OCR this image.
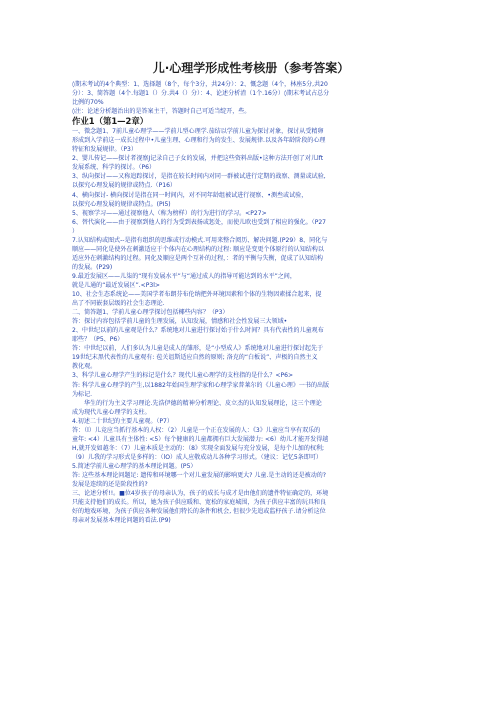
儿·心理学形成性考核册（参考答案）
◊期末考试的4个典型：1、选择题（8个，每个3分，共24分）：2、慨念题（4个，林座5分,共20
分）：3、简答题（4个.每题1（）分.共4（）分）：4、论述分析渣（1个.16分）◊期末考试占总分
比例的70%
◊注：论述分析题治出的是答案主干，答题时自己可适当绽开，些。
作业1（第1—2章）
一、微念题1、7前儿童心理学——学前儿型心理学.茄结以学前儿童为探讨对象，探讨从受精卵
形成到入学前这一成长过程中•儿童生理、心理和行为的发生、发展规律.以及各年龄阶段的心理
特征和发展规律。（P3）
2、婴儿传记——探讨者视察J记录自己子女的发展，并把这些资料出版•这种方法开创了对儿lft
发展系统、科学的探讨。（P6）
3、纵向探讨——又称追踪探讨，是指在较长时间内对同一群被试进行定期的战察、测量或试验,
以探究心理发展的规律或特点.（P16）
4、横向探讨- 横向探讨是指在同一时间内，对不同年龄组被试进行视察、•测叁或试验，
以探究心理发展的规律或特点。(PI5)
5、视察学习——通过视察他人（称为榜样）的行为进行的学习。<P27>
6、替代演化——由于视察到他人的行为受到表扬或惩处，而使儿欧也受到了相应的强化。（P27
）
7.认知结构或图式--是指有组织的思维或行动模式.可用来整合阅历、解决问题.(P29）8、同化与
顺应——同化是使外在刺激适应于个体内在心理结构的过程: 顺应是变更个体原行的认知结构以
适应外在刺激结构的过程。同化及顺应是两个互补的过程，：者的平衡与失衡，促成了认知结构
的发展。(P29)
9.最近发展区——儿柒的“现有发展水平”与“通过成人的指导可能达到的水平”之间，
就是儿通的“最近发展区”.<P3l>
10、社会生态系统论——美国学者布朗芬布伦纳把外环境因素和个体的生物因素揉合起来，提
出了不同嵌套层级的社会生态理论.
二、简答题1、学前儿童心理学探讨包括椰些内容？（P3）
答：探讨内容包括学前儿童的生理发展，认知发展，情感和社会性发展三大领域•
2、中世纪以前的儿童观是什么？系统地对儿童进行探讨始于什么时间？具有代表性的儿童观布
耶些？（P5、P6）
答：中世纪以前，人们多认为儿童是成人的雏形，是“小型成人》系统地对儿童进行探讨起先于
19世纪末黑代表性的儿童观有: 苞关诅斯适应自然的原则; 洛克的“白板说”、声极的自然主义
教化观。
3、科学儿童心理学产生的标记是什么？现代儿童心理学的支柱指的是什么？<P6>
答: 科学儿童心理学的产生,以1882年始国生理学家和心理学家普莱尔的《儿童心理》一书的出版
为标记.
华生的行为主义学习理论.先浩伊德的精神分析理论、皮立杰的认知发展理论，这三个理论
成为现代儿童心理学的支柱。
4.初述二十世纪的主要儿童观。（P7）
答：（l）儿竞应当抓行基本的人权：（2）儿童是一个正在发展的人：《3》儿童应当享有双乐的
童年: <4）儿童具有主体性: <5）每个健康的儿童都拥有巨大发展潜力: <6）幼儿才能开发得越
H,就开发如越冬：（7）儿童本质是主动的：（8》实现全面发展与充分发展，是每个儿加的权利;
（9）儿我的学习形式是多样的：（lO）成人应敬成动儿各种学习形式。（建议：记忆5条即可）
5.简述学前儿童心理学的基本理论问题。(P5）
答: 这些基本理论问题足: 遗传和环境哪一个对儿童发展的影响更大? 儿童.是主动的还是被动的?
发展是连续的还是阶段性的?
三、论述分析!!。■位4岁孩子的母亲认为，孩子的成长与成才是由他们的遗件特征确定的，环境
只能支持他们的成长。所以，她为孩子供应暖和、宽松的家庭城围，为孩子供应丰富的玩具和良
好的地戏环境，为孩子供应各种发展他们特长的条件和机会, 但很少先追或监杼孩子.请分析这位
母亲对发展基本理论问题的看法.(P9)
